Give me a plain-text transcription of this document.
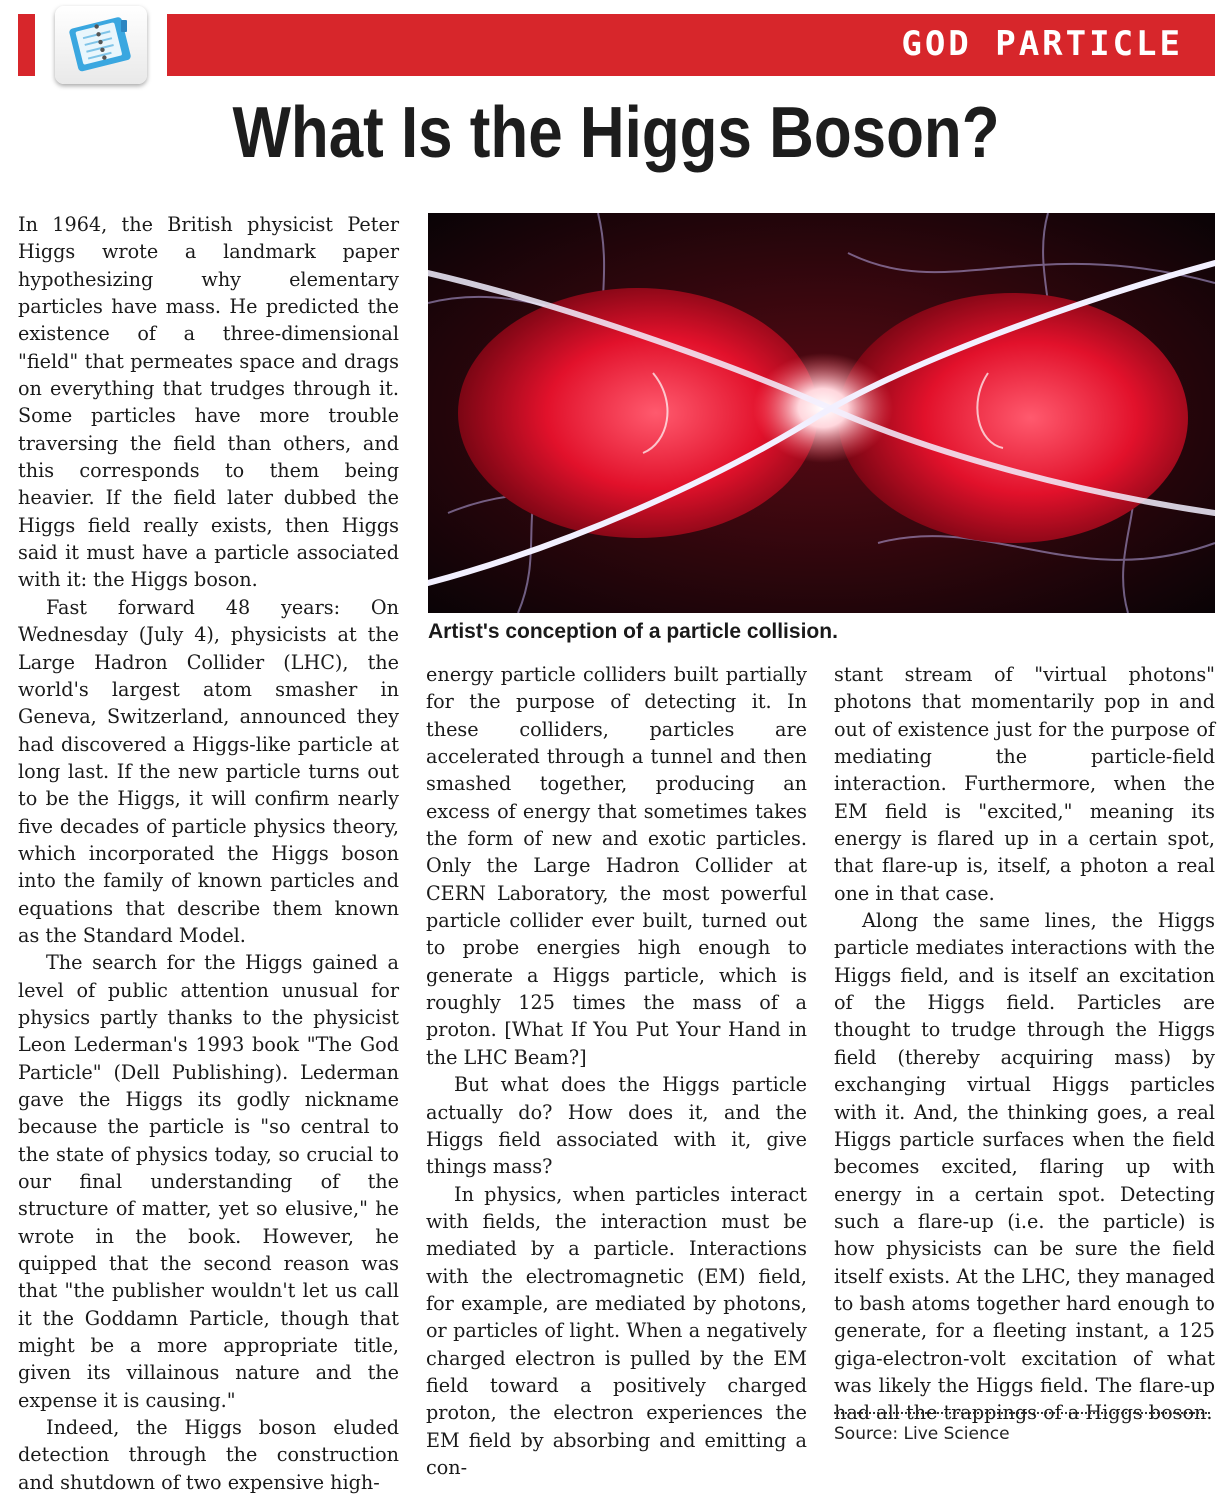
GOD PARTICLE
What Is the Higgs Boson?

In 1964, the British physicist Peter Higgs wrote a landmark paper hypothesizing why elementary particles have mass. He predicted the existence of a three-dimensional "field" that permeates space and drags on everything that trudges through it. Some particles have more trouble traversing the field than others, and this corresponds to them being heavier. If the field later dubbed the Higgs field really exists, then Higgs said it must have a particle associated with it: the Higgs boson.

Fast forward 48 years: On Wednesday (July 4), physicists at the Large Hadron Collider (LHC), the world's largest atom smasher in Geneva, Switzerland, announced they had discovered a Higgs-like particle at long last. If the new particle turns out to be the Higgs, it will confirm nearly five decades of particle physics theory, which incorporated the Higgs boson into the family of known particles and equations that describe them known as the Standard Model.

The search for the Higgs gained a level of public attention unusual for physics partly thanks to the physicist Leon Lederman's 1993 book "The God Particle" (Dell Publishing). Lederman gave the Higgs its godly nickname because the particle is "so central to the state of physics today, so crucial to our final understanding of the structure of matter, yet so elusive," he wrote in the book. However, he quipped that the second reason was that "the publisher wouldn't let us call it the Goddamn Particle, though that might be a more appropriate title, given its villainous nature and the expense it is causing."

Indeed, the Higgs boson eluded detection through the construction and shutdown of two expensive high-

Artist's conception of a particle collision.

energy particle colliders built partially for the purpose of detecting it. In these colliders, particles are accelerated through a tunnel and then smashed together, producing an excess of energy that sometimes takes the form of new and exotic particles. Only the Large Hadron Collider at CERN Laboratory, the most powerful particle collider ever built, turned out to probe energies high enough to generate a Higgs particle, which is roughly 125 times the mass of a proton. [What If You Put Your Hand in the LHC Beam?]

But what does the Higgs particle actually do? How does it, and the Higgs field associated with it, give things mass?

In physics, when particles interact with fields, the interaction must be mediated by a particle. Interactions with the electromagnetic (EM) field, for example, are mediated by photons, or particles of light. When a negatively charged electron is pulled by the EM field toward a positively charged proton, the electron experiences the EM field by absorbing and emitting a con-

stant stream of "virtual photons" photons that momentarily pop in and out of existence just for the purpose of mediating the particle-field interaction. Furthermore, when the EM field is "excited," meaning its energy is flared up in a certain spot, that flare-up is, itself, a photon a real one in that case.

Along the same lines, the Higgs particle mediates interactions with the Higgs field, and is itself an excitation of the Higgs field. Particles are thought to trudge through the Higgs field (thereby acquiring mass) by exchanging virtual Higgs particles with it. And, the thinking goes, a real Higgs particle surfaces when the field becomes excited, flaring up with energy in a certain spot. Detecting such a flare-up (i.e. the particle) is how physicists can be sure the field itself exists. At the LHC, they managed to bash atoms together hard enough to generate, for a fleeting instant, a 125 giga-electron-volt excitation of what was likely the Higgs field. The flare-up had all the trappings of a Higgs boson.

Source: Live Science
